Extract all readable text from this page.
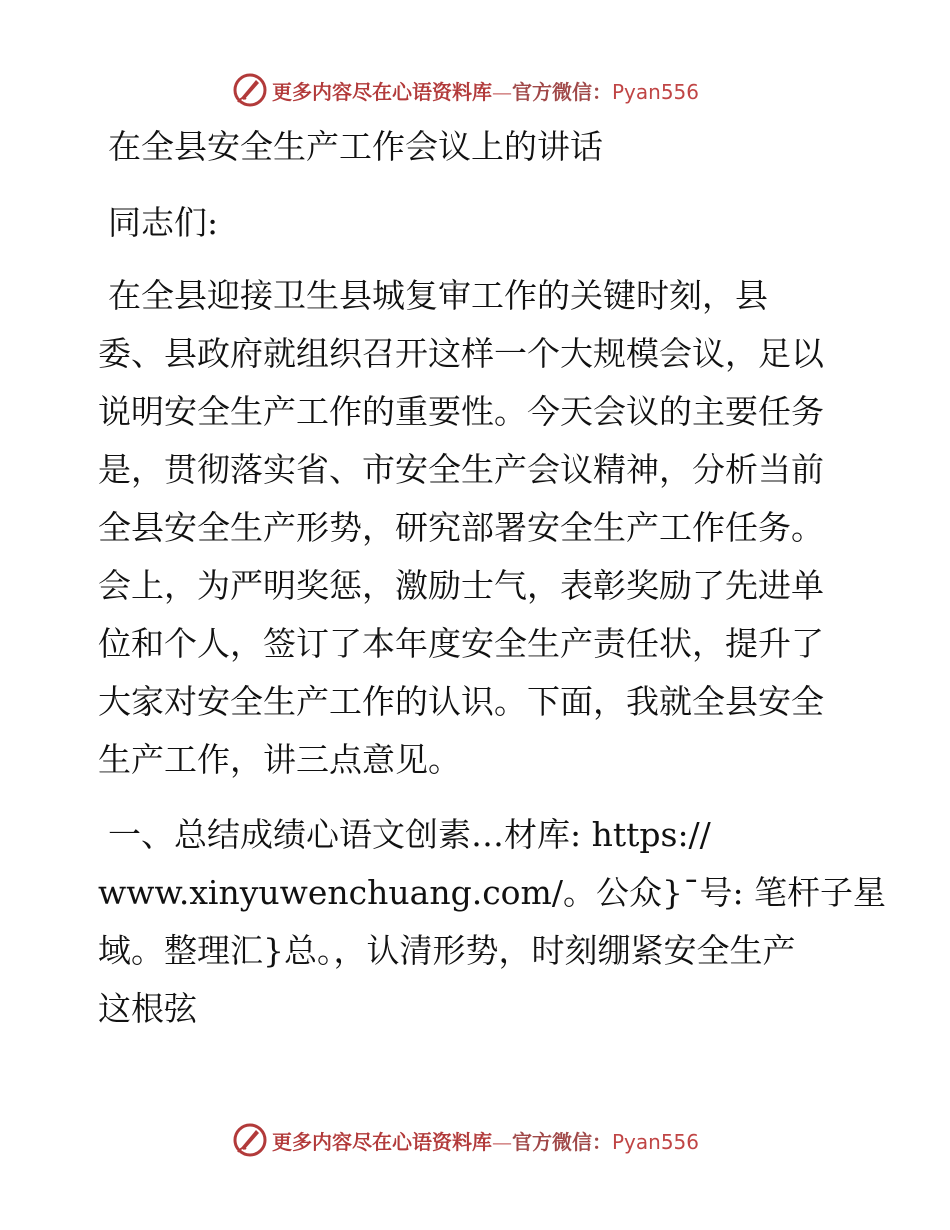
更多内容尽在心语资料库—官方微信：Pyan556
在全县安全生产工作会议上的讲话
同志们:
在全县迎接卫生县城复审工作的关键时刻，县
委、县政府就组织召开这样一个大规模会议，足以
说明安全生产工作的重要性。今天会议的主要任务
是，贯彻落实省、市安全生产会议精神，分析当前
全县安全生产形势，研究部署安全生产工作任务。
会上，为严明奖惩，激励士气，表彰奖励了先进单
位和个人，签订了本年度安全生产责任状，提升了
大家对安全生产工作的认识。下面，我就全县安全
生产工作，讲三点意见。
一、总结成绩心语文创素…材库: https://
www.xinyuwenchuang.com/。公众}¯号: 笔杆子星
域。整理汇}总。，认清形势，时刻绷紧安全生产
这根弦
更多内容尽在心语资料库—官方微信：Pyan556
